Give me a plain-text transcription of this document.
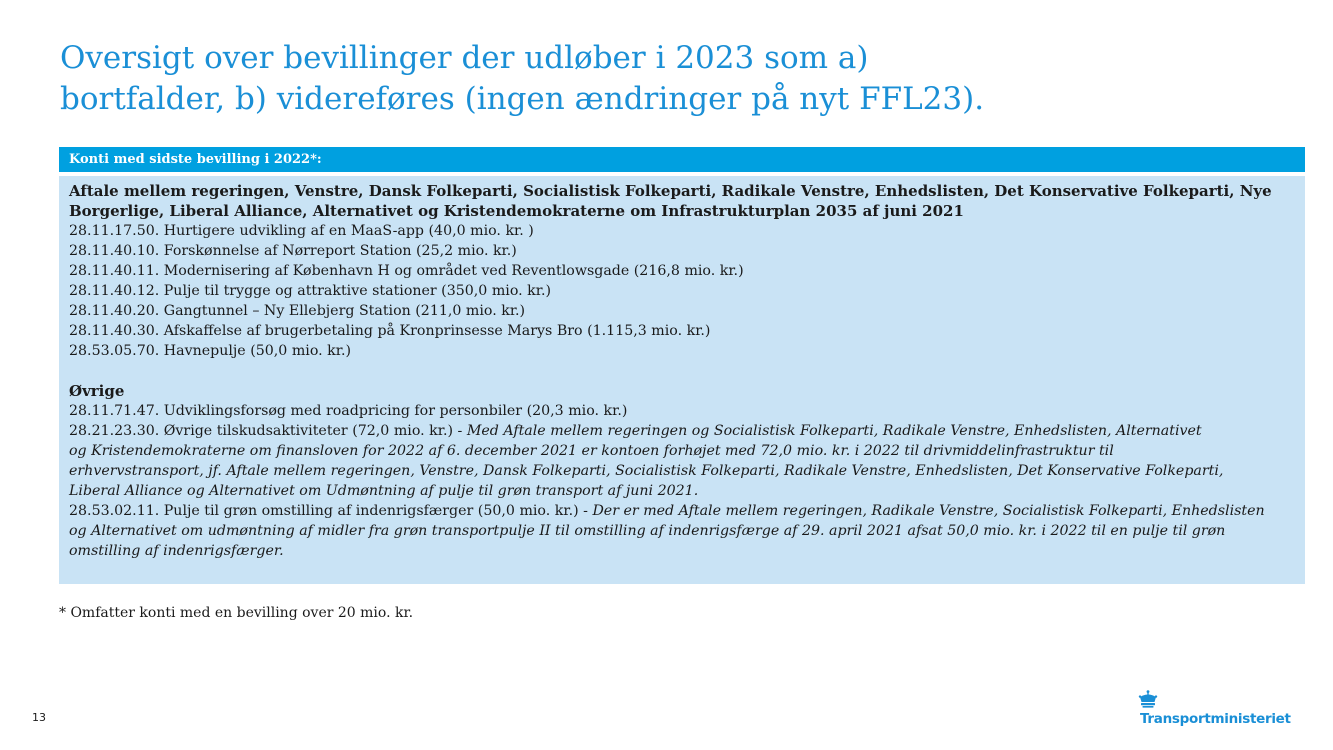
Oversigt over bevillinger der udløber i 2023 som a)
bortfalder, b) videreføres (ingen ændringer på nyt FFL23).
Konti med sidste bevilling i 2022*:
Aftale mellem regeringen, Venstre, Dansk Folkeparti, Socialistisk Folkeparti, Radikale Venstre, Enhedslisten, Det Konservative Folkeparti, Nye
Borgerlige, Liberal Alliance, Alternativet og Kristendemokraterne om Infrastrukturplan 2035 af juni 2021
28.11.17.50. Hurtigere udvikling af en MaaS-app (40,0 mio. kr. )
28.11.40.10. Forskønnelse af Nørreport Station (25,2 mio. kr.)
28.11.40.11. Modernisering af København H og området ved Reventlowsgade (216,8 mio. kr.)
28.11.40.12. Pulje til trygge og attraktive stationer (350,0 mio. kr.)
28.11.40.20. Gangtunnel – Ny Ellebjerg Station (211,0 mio. kr.)
28.11.40.30. Afskaffelse af brugerbetaling på Kronprinsesse Marys Bro (1.115,3 mio. kr.)
28.53.05.70. Havnepulje (50,0 mio. kr.)
Øvrige
28.11.71.47. Udviklingsforsøg med roadpricing for personbiler (20,3 mio. kr.)
28.21.23.30. Øvrige tilskudsaktiviteter (72,0 mio. kr.) - Med Aftale mellem regeringen og Socialistisk Folkeparti, Radikale Venstre, Enhedslisten, Alternativet
og Kristendemokraterne om finansloven for 2022 af 6. december 2021 er kontoen forhøjet med 72,0 mio. kr. i 2022 til drivmiddelinfrastruktur til
erhvervstransport, jf. Aftale mellem regeringen, Venstre, Dansk Folkeparti, Socialistisk Folkeparti, Radikale Venstre, Enhedslisten, Det Konservative Folkeparti,
Liberal Alliance og Alternativet om Udmøntning af pulje til grøn transport af juni 2021.
28.53.02.11. Pulje til grøn omstilling af indenrigsfærger (50,0 mio. kr.) - Der er med Aftale mellem regeringen, Radikale Venstre, Socialistisk Folkeparti, Enhedslisten
og Alternativet om udmøntning af midler fra grøn transportpulje II til omstilling af indenrigsfærge af 29. april 2021 afsat 50,0 mio. kr. i 2022 til en pulje til grøn
omstilling af indenrigsfærger.
* Omfatter konti med en bevilling over 20 mio. kr.
13	Transportministeriet
